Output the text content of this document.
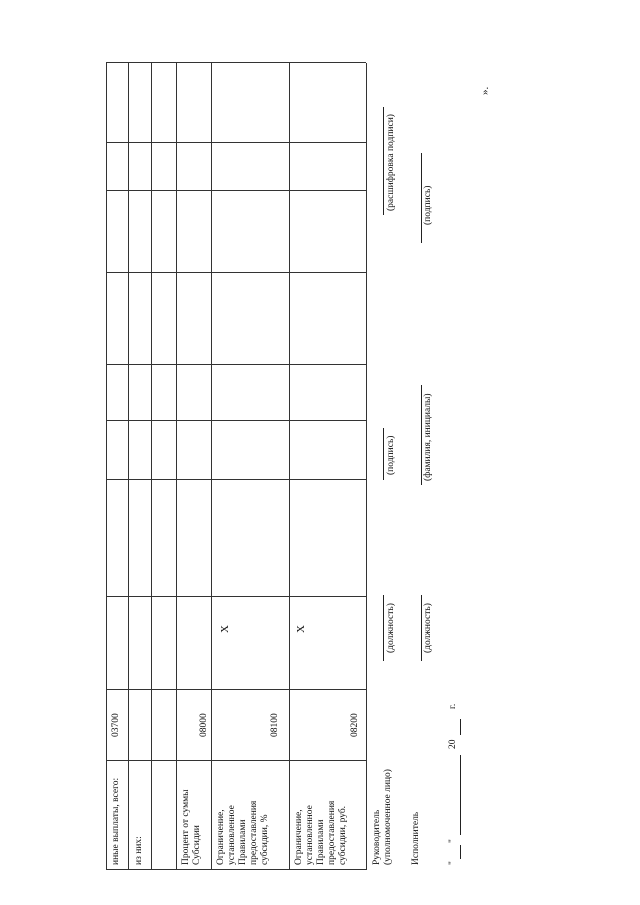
иные выплаты, всего:
03700
из них:	Процент от суммы Субсидии
08000
Ограничение, установленное Правилами предоставления субсидии, %
08100
X
Ограничение, установленное Правилами предоставления субсидии, руб.
08200
X
Руководитель (уполномоченное лицо)
(должность)
(подпись)
(расшифровка подписи)
Исполнитель
(должность)
(фамилия, инициалы)
(подпись)
"
"
20
г.
».
